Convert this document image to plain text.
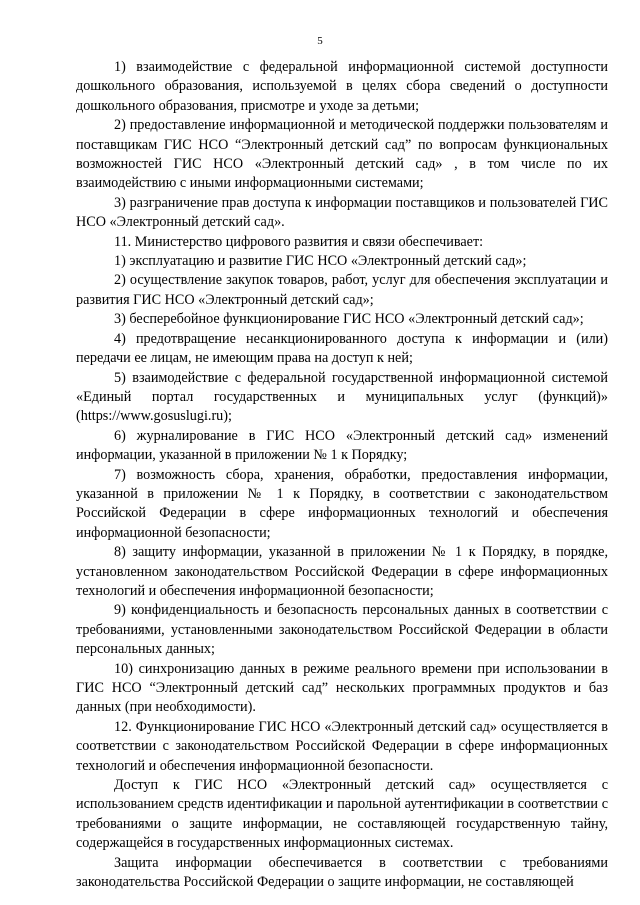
5

1) взаимодействие с федеральной информационной системой доступности дошкольного образования, используемой в целях сбора сведений о доступности дошкольного образования, присмотре и уходе за детьми;

2) предоставление информационной и методической поддержки пользователям и поставщикам ГИС НСО “Электронный детский сад” по вопросам функциональных возможностей ГИС НСО «Электронный детский сад» , в том числе по их взаимодействию с иными информационными системами;

3) разграничение прав доступа к информации поставщиков и пользователей ГИС НСО «Электронный детский сад».

11. Министерство цифрового развития и связи обеспечивает:

1) эксплуатацию и развитие ГИС НСО «Электронный детский сад»;

2) осуществление закупок товаров, работ, услуг для обеспечения эксплуатации и развития ГИС НСО «Электронный детский сад»;

3) бесперебойное функционирование ГИС НСО «Электронный детский сад»;

4) предотвращение несанкционированного доступа к информации и (или) передачи ее лицам, не имеющим права на доступ к ней;

5) взаимодействие с федеральной государственной информационной системой «Единый портал государственных и муниципальных услуг (функций)» (https://www.gosuslugi.ru);

6) журналирование в ГИС НСО «Электронный детский сад» изменений информации, указанной в приложении № 1 к Порядку;

7) возможность сбора, хранения, обработки, предоставления информации, указанной в приложении № 1 к Порядку, в соответствии с законодательством Российской Федерации в сфере информационных технологий и обеспечения информационной безопасности;

8) защиту информации, указанной в приложении № 1 к Порядку, в порядке, установленном законодательством Российской Федерации в сфере информационных технологий и обеспечения информационной безопасности;

9) конфиденциальность и безопасность персональных данных в соответствии с требованиями, установленными законодательством Российской Федерации в области персональных данных;

10) синхронизацию данных в режиме реального времени при использовании в ГИС НСО “Электронный детский сад” нескольких программных продуктов и баз данных (при необходимости).

12. Функционирование ГИС НСО «Электронный детский сад» осуществляется в соответствии с законодательством Российской Федерации в сфере информационных технологий и обеспечения информационной безопасности.

Доступ к ГИС НСО «Электронный детский сад» осуществляется с использованием средств идентификации и парольной аутентификации в соответствии с требованиями о защите информации, не составляющей государственную тайну, содержащейся в государственных информационных системах.

Защита информации обеспечивается в соответствии с требованиями законодательства Российской Федерации о защите информации, не составляющей
